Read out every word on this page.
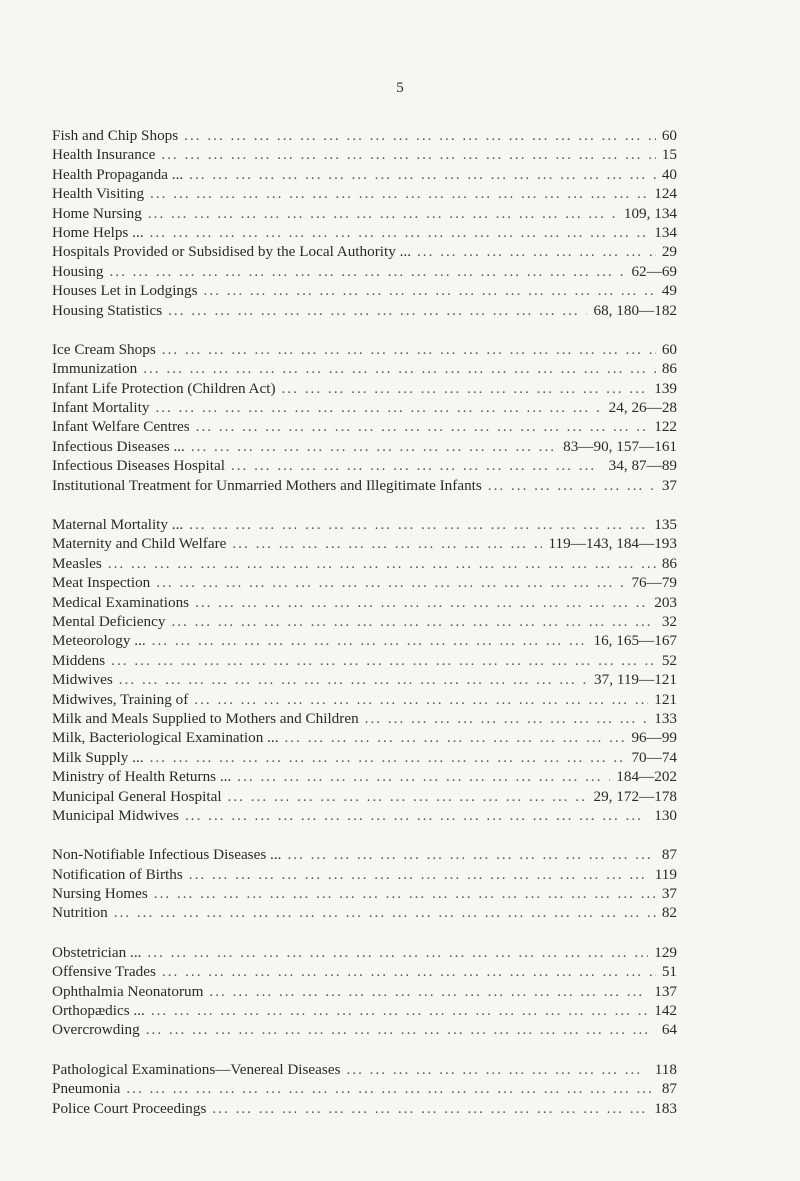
5
Fish and Chip Shops ... .	60
Health Insurance ... .	15
Health Propaganda ... ... .	40
Health Visiting ... .	124
Home Nursing ... .	109, 134
Home Helps ... ... .	134
Hospitals Provided or Subsidised by the Local Authority ... ... .	29
Housing ... .	62—69
Houses Let in Lodgings ... .	49
Housing Statistics ... .	68, 180—182
Ice Cream Shops ... .	60
Immunization ... .	86
Infant Life Protection (Children Act) ... .	139
Infant Mortality ... .	24, 26—28
Infant Welfare Centres ... .	122
Infectious Diseases ... ... .	83—90, 157—161
Infectious Diseases Hospital ... .	34, 87—89
Institutional Treatment for Unmarried Mothers and Illegitimate Infants ... .	37
Maternal Mortality ... ... .	135
Maternity and Child Welfare ... .	119—143, 184—193
Measles ... .	86
Meat Inspection ... .	76—79
Medical Examinations ... .	203
Mental Deficiency ... .	32
Meteorology ... ... .	16, 165—167
Middens ... .	52
Midwives ... .	37, 119—121
Midwives, Training of ... .	121
Milk and Meals Supplied to Mothers and Children ... .	133
Milk, Bacteriological Examination ... ... .	96—99
Milk Supply ... ... .	70—74
Ministry of Health Returns ... ... .	184—202
Municipal General Hospital ... .	29, 172—178
Municipal Midwives ... .	130
Non-Notifiable Infectious Diseases ... ... .	87
Notification of Births ... .	119
Nursing Homes ... .	37
Nutrition ... .	82
Obstetrician ... ... .	129
Offensive Trades ... .	51
Ophthalmia Neonatorum ... .	137
Orthopædics ... ... .	142
Overcrowding ... .	64
Pathological Examinations—Venereal Diseases ... .	118
Pneumonia ... .	87
Police Court Proceedings ... .	183
